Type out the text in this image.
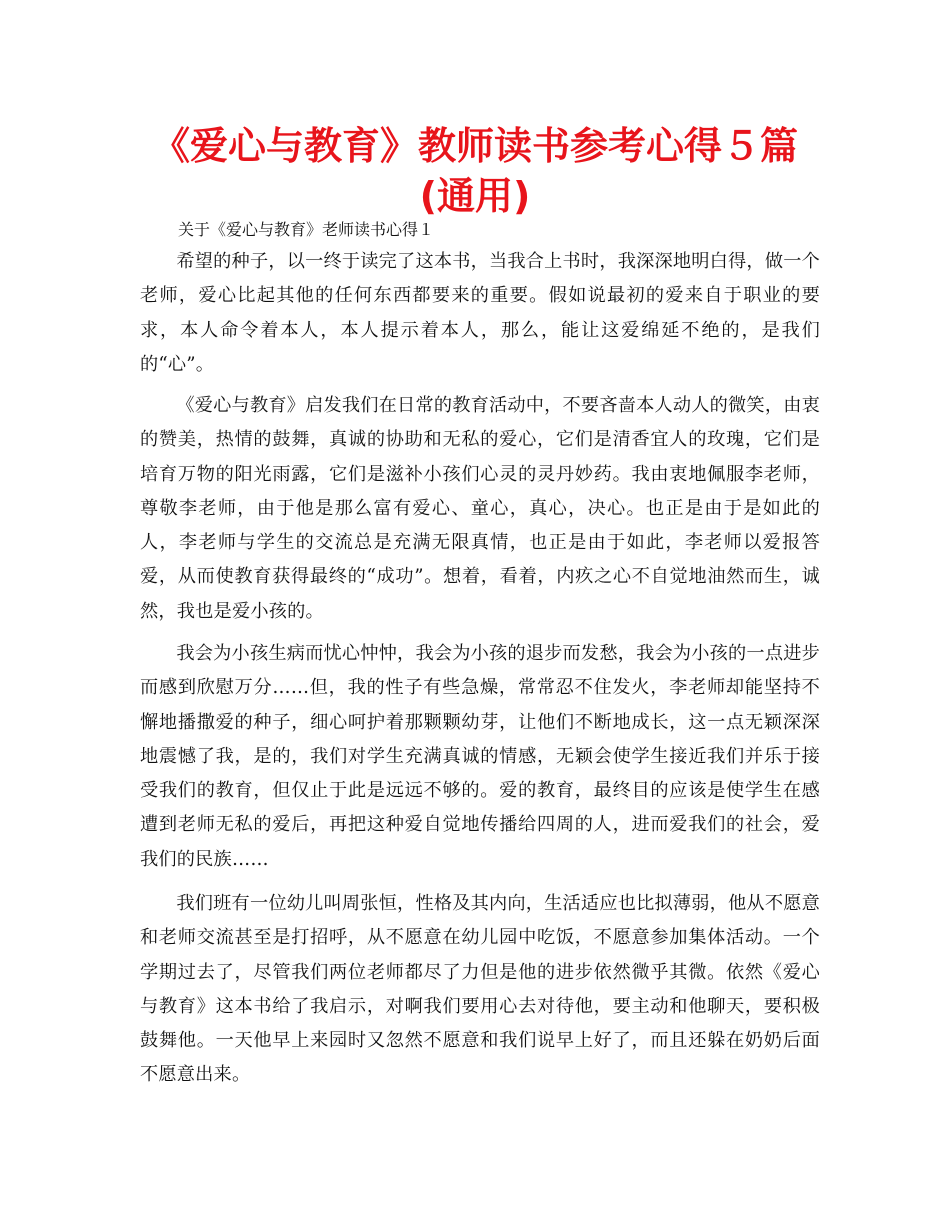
《爱心与教育》教师读书参考心得５篇
(通用)
关于《爱心与教育》老师读书心得１

希望的种子，以一终于读完了这本书，当我合上书时，我深深地明白得，做一个老师，爱心比起其他的任何东西都要来的重要。假如说最初的爱来自于职业的要求，本人命令着本人，本人提示着本人，那么，能让这爱绵延不绝的，是我们的“心”。

《爱心与教育》启发我们在日常的教育活动中，不要吝啬本人动人的微笑，由衷的赞美，热情的鼓舞，真诚的协助和无私的爱心，它们是清香宜人的玫瑰，它们是培育万物的阳光雨露，它们是滋补小孩们心灵的灵丹妙药。我由衷地佩服李老师，尊敬李老师，由于他是那么富有爱心、童心，真心，决心。也正是由于是如此的人，李老师与学生的交流总是充满无限真情，也正是由于如此，李老师以爱报答爱，从而使教育获得最终的“成功”。想着，看着，内疚之心不自觉地油然而生，诚然，我也是爱小孩的。

我会为小孩生病而忧心忡忡，我会为小孩的退步而发愁，我会为小孩的一点进步而感到欣慰万分……但，我的性子有些急燥，常常忍不住发火，李老师却能坚持不懈地播撒爱的种子，细心呵护着那颗颗幼芽，让他们不断地成长，这一点无颖深深地震憾了我，是的，我们对学生充满真诚的情感，无颖会使学生接近我们并乐于接受我们的教育，但仅止于此是远远不够的。爱的教育，最终目的应该是使学生在感遭到老师无私的爱后，再把这种爱自觉地传播给四周的人，进而爱我们的社会，爱我们的民族……

我们班有一位幼儿叫周张恒，性格及其内向，生活适应也比拟薄弱，他从不愿意和老师交流甚至是打招呼，从不愿意在幼儿园中吃饭，不愿意参加集体活动。一个学期过去了，尽管我们两位老师都尽了力但是他的进步依然微乎其微。依然《爱心与教育》这本书给了我启示，对啊我们要用心去对待他，要主动和他聊天，要积极鼓舞他。一天他早上来园时又忽然不愿意和我们说早上好了，而且还躲在奶奶后面不愿意出来。
